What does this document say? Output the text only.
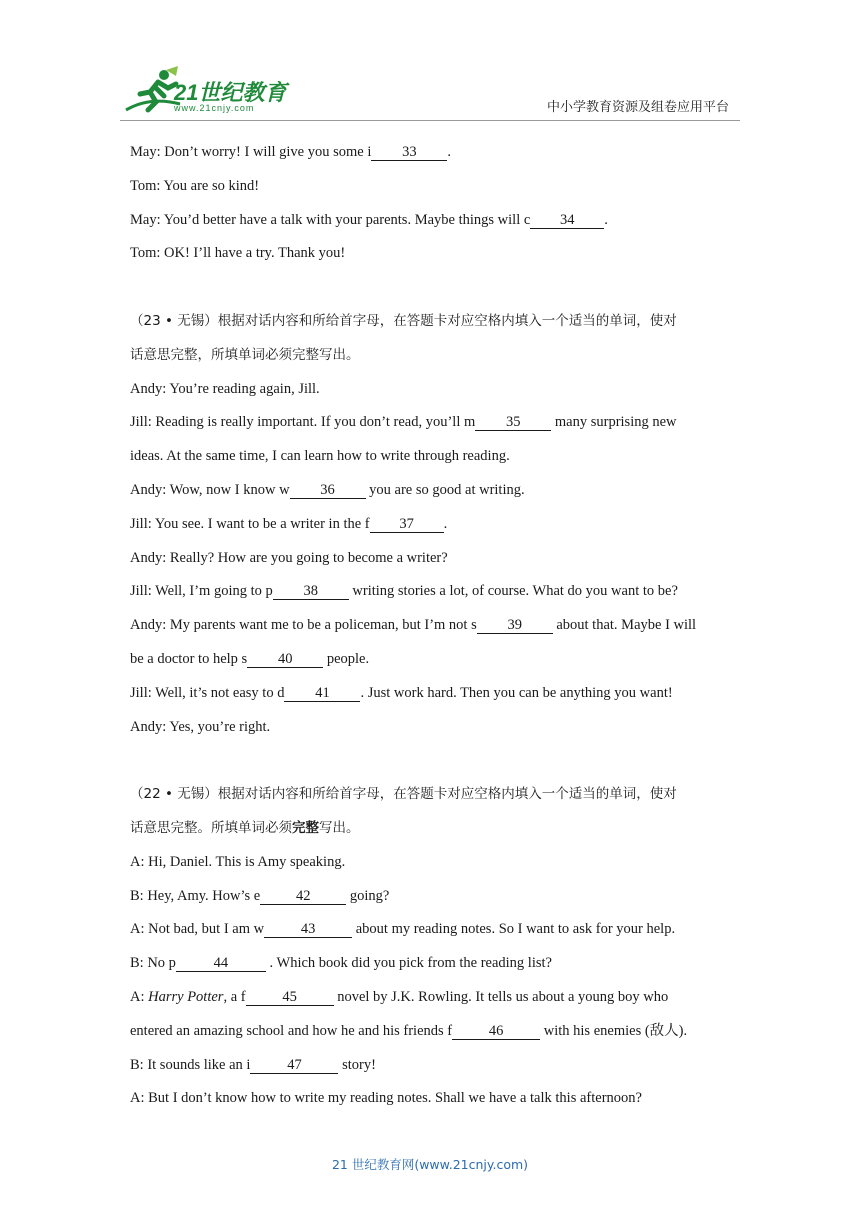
21世纪教育
www.21cnjy.com	中小学教育资源及组卷应用平台
May: Don’t worry! I will give you some i 33 .
Tom: You are so kind!
May: You’d better have a talk with your parents. Maybe things will c 34 .
Tom: OK! I’ll have a try. Thank you!
（23 • 无锡）根据对话内容和所给首字母，在答题卡对应空格内填入一个适当的单词，使对
话意思完整，所填单词必须完整写出。
Andy: You’re reading again, Jill.
Jill: Reading is really important. If you don’t read, you’ll m 35 many surprising new
ideas. At the same time, I can learn how to write through reading.
Andy: Wow, now I know w 36 you are so good at writing.
Jill: You see. I want to be a writer in the f 37 .
Andy: Really? How are you going to become a writer?
Jill: Well, I’m going to p 38 writing stories a lot, of course. What do you want to be?
Andy: My parents want me to be a policeman, but I’m not s 39 about that. Maybe I will
be a doctor to help s 40 people.
Jill: Well, it’s not easy to d 41 . Just work hard. Then you can be anything you want!
Andy: Yes, you’re right.
（22 • 无锡）根据对话内容和所给首字母，在答题卡对应空格内填入一个适当的单词，使对
话意思完整。所填单词必须完整写出。
A: Hi, Daniel. This is Amy speaking.
B: Hey, Amy. How’s e 42 going?
A: Not bad, but I am w	43	about my reading notes. So I want to ask for your help.
B: No p	44	. Which book did you pick from the reading list?
A: Harry Potter, a f	45	novel by J.K. Rowling. It tells us about a young boy who
entered an amazing school and how he and his friends f	46	with his enemies (敌人).
B: It sounds like an i	47	story!
A: But I don’t know how to write my reading notes. Shall we have a talk this afternoon?
21 世纪教育网(www.21cnjy.com)
